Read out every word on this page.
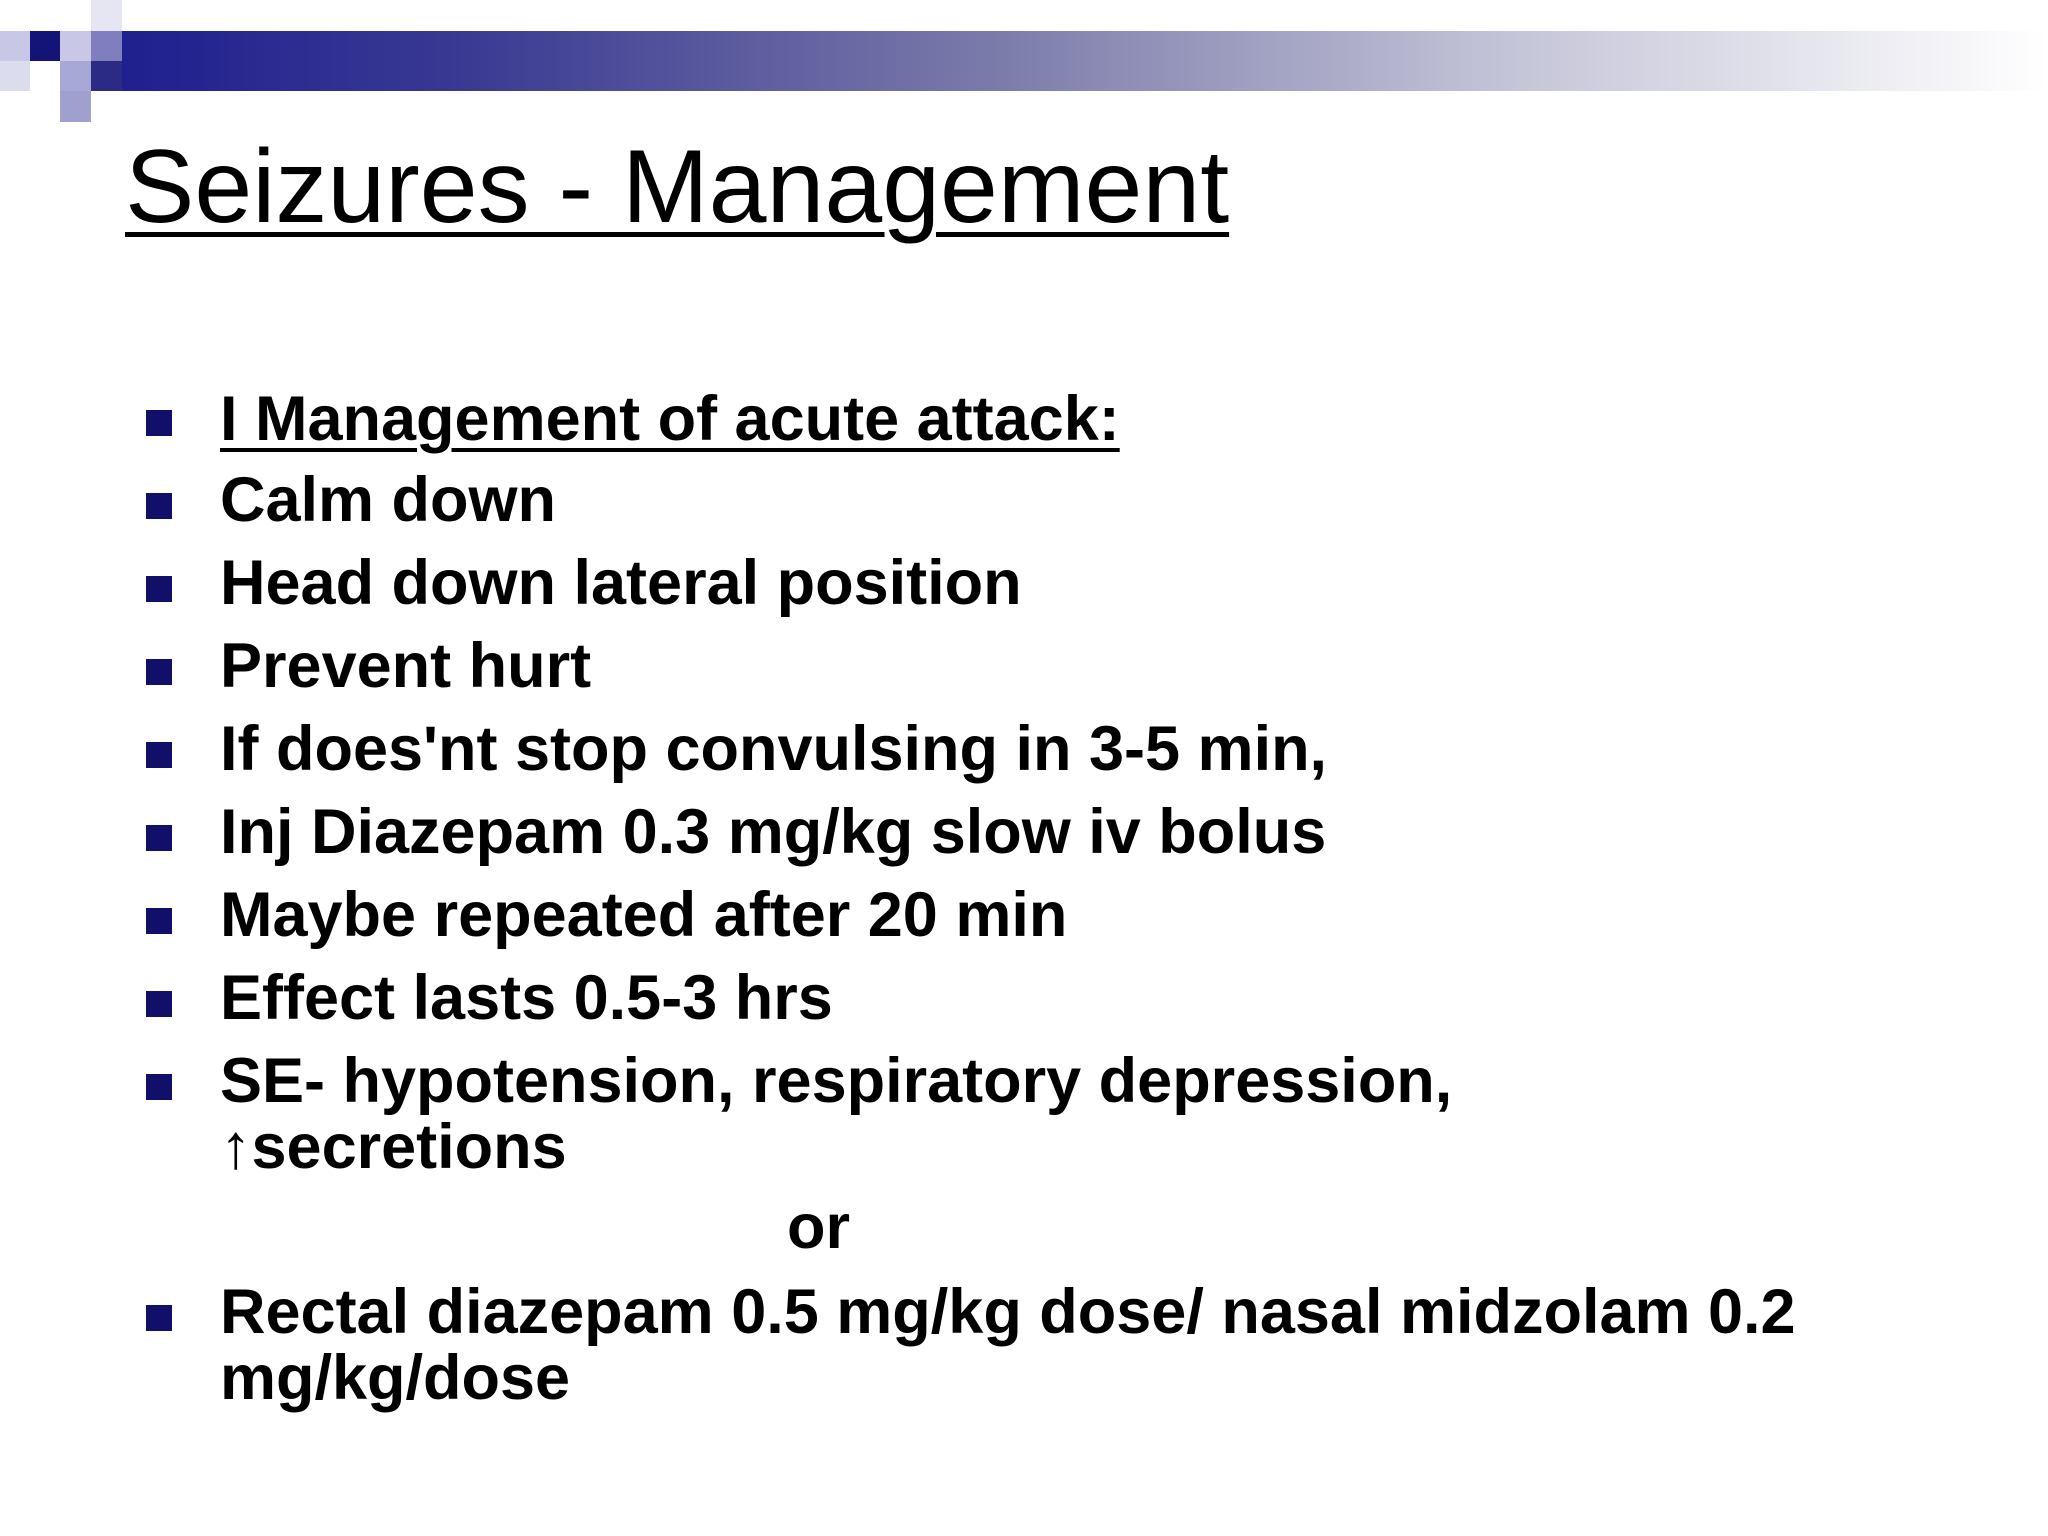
Seizures - Management
I Management of acute attack:
Calm down
Head down lateral position
Prevent hurt
If does'nt stop convulsing in 3-5 min,
Inj Diazepam 0.3 mg/kg slow iv bolus
Maybe repeated after 20 min
Effect lasts 0.5-3 hrs
SE- hypotension, respiratory depression,
↑secretions
or
Rectal diazepam 0.5 mg/kg dose/ nasal midzolam 0.2
mg/kg/dose
